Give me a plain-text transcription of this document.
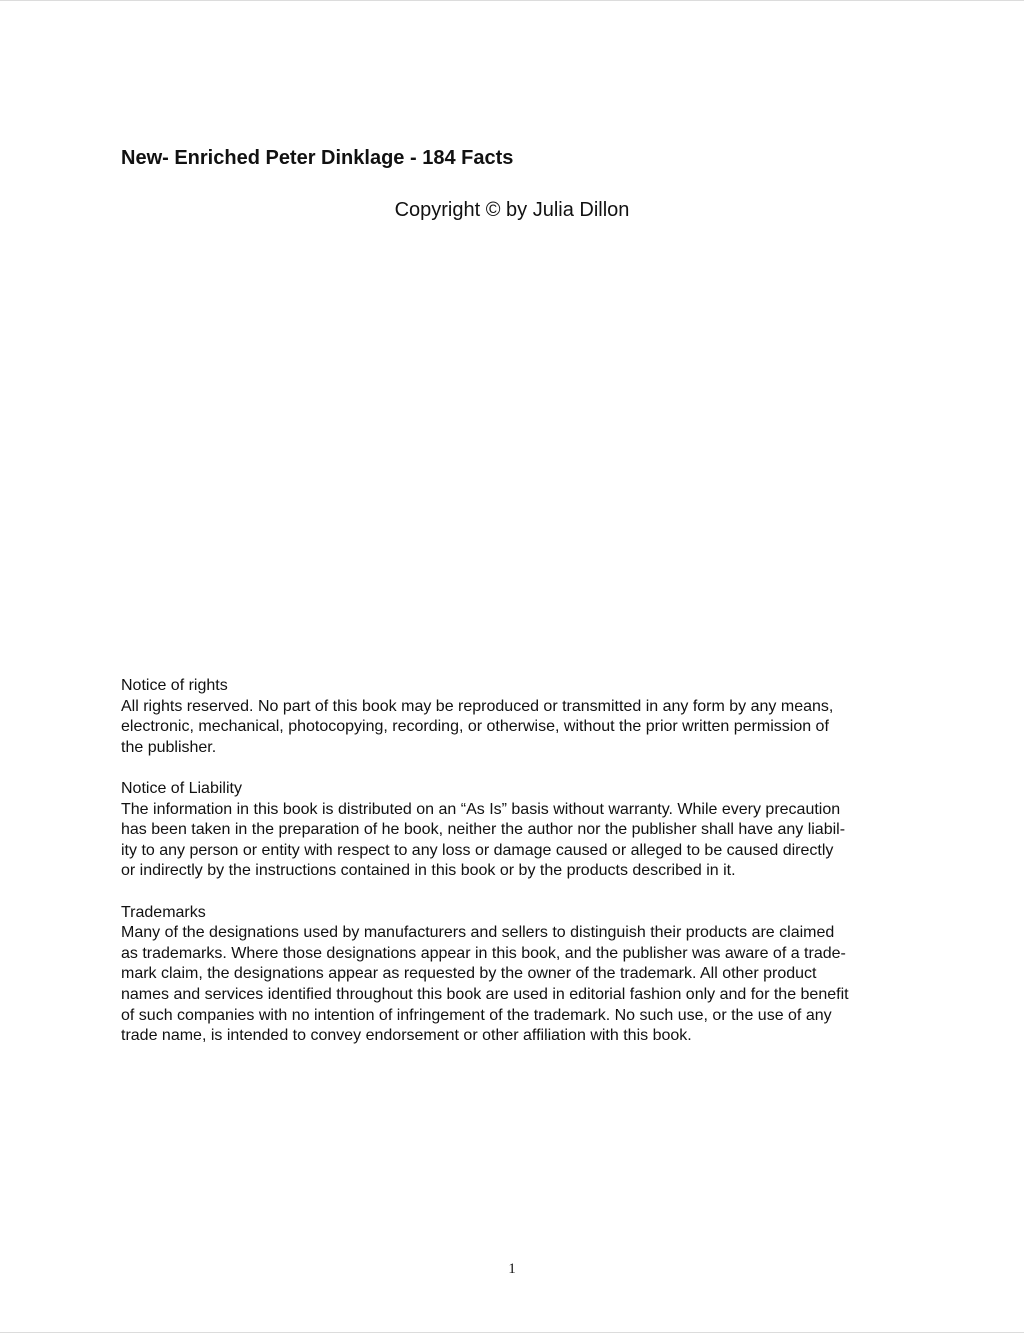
New- Enriched Peter Dinklage - 184 Facts

Copyright © by Julia Dillon

Notice of rights

All rights reserved. No part of this book may be reproduced or transmitted in any form by any means,
electronic, mechanical, photocopying, recording, or otherwise, without the prior written permission of
the publisher.

Notice of Liability

The information in this book is distributed on an “As Is” basis without warranty. While every precaution
has been taken in the preparation of he book, neither the author nor the publisher shall have any liabil-
ity to any person or entity with respect to any loss or damage caused or alleged to be caused directly
or indirectly by the instructions contained in this book or by the products described in it.

Trademarks

Many of the designations used by manufacturers and sellers to distinguish their products are claimed
as trademarks. Where those designations appear in this book, and the publisher was aware of a trade-
mark claim, the designations appear as requested by the owner of the trademark. All other product
names and services identified throughout this book are used in editorial fashion only and for the benefit
of such companies with no intention of infringement of the trademark. No such use, or the use of any
trade name, is intended to convey endorsement or other affiliation with this book.

1
